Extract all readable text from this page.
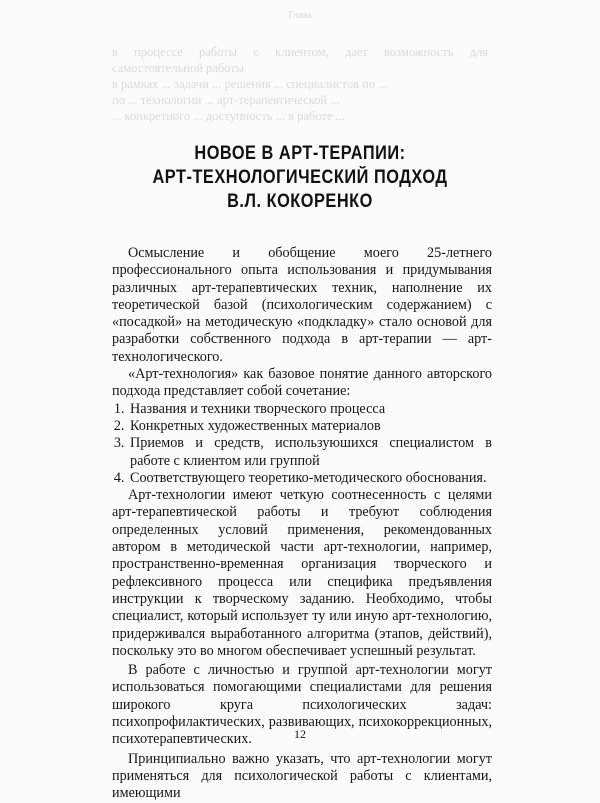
Глава
в процессе работы с клиентом, дает возможность для самостоятельной работы
в рамках ... задачи ... решения ... специалистов по ...
по ... технологии ... арт-терапевтической ...
... конкретного ... доступность ... в работе ...
НОВОЕ В АРТ-ТЕРАПИИ:
АРТ-ТЕХНОЛОГИЧЕСКИЙ ПОДХОД
В.Л. КОКОРЕНКО

Осмысление и обобщение моего 25-летнего профессионального опыта использования и придумывания различных арт-терапевтических техник, наполнение их теоретической базой (психологическим содержанием) с «посадкой» на методическую «подкладку» стало основой для разработки собственного подхода в арт-терапии — арт-технологического.

«Арт-технология» как базовое понятие данного авторского подхода представляет собой сочетание:

1. Названия и техники творческого процесса
2. Конкретных художественных материалов
3. Приемов и средств, используюшихся специалистом в работе с клиентом или группой
4. Соответствующего теоретико-методического обоснования.

Арт-технологии имеют четкую соотнесенность с целями арт-терапевтической работы и требуют соблюдения определенных условий применения, рекомендованных автором в методической части арт-технологии, например, пространственно-временная организация творческого и рефлексивного процесса или специфика предъявления инструкции к творческому заданию. Необходимо, чтобы специалист, который использует ту или иную арт-технологию, придерживался выработанного алгоритма (этапов, действий), поскольку это во многом обеспечивает успешный результат.

В работе с личностью и группой арт-технологии могут использоваться помогающими специалистами для решения широкого круга психологических задач: психопрофилактических, развивающих, психокоррекционных, психотерапевтических.

Принципиально важно указать, что арт-технологии могут применяться для психологической работы с клиентами, имеющими

12
